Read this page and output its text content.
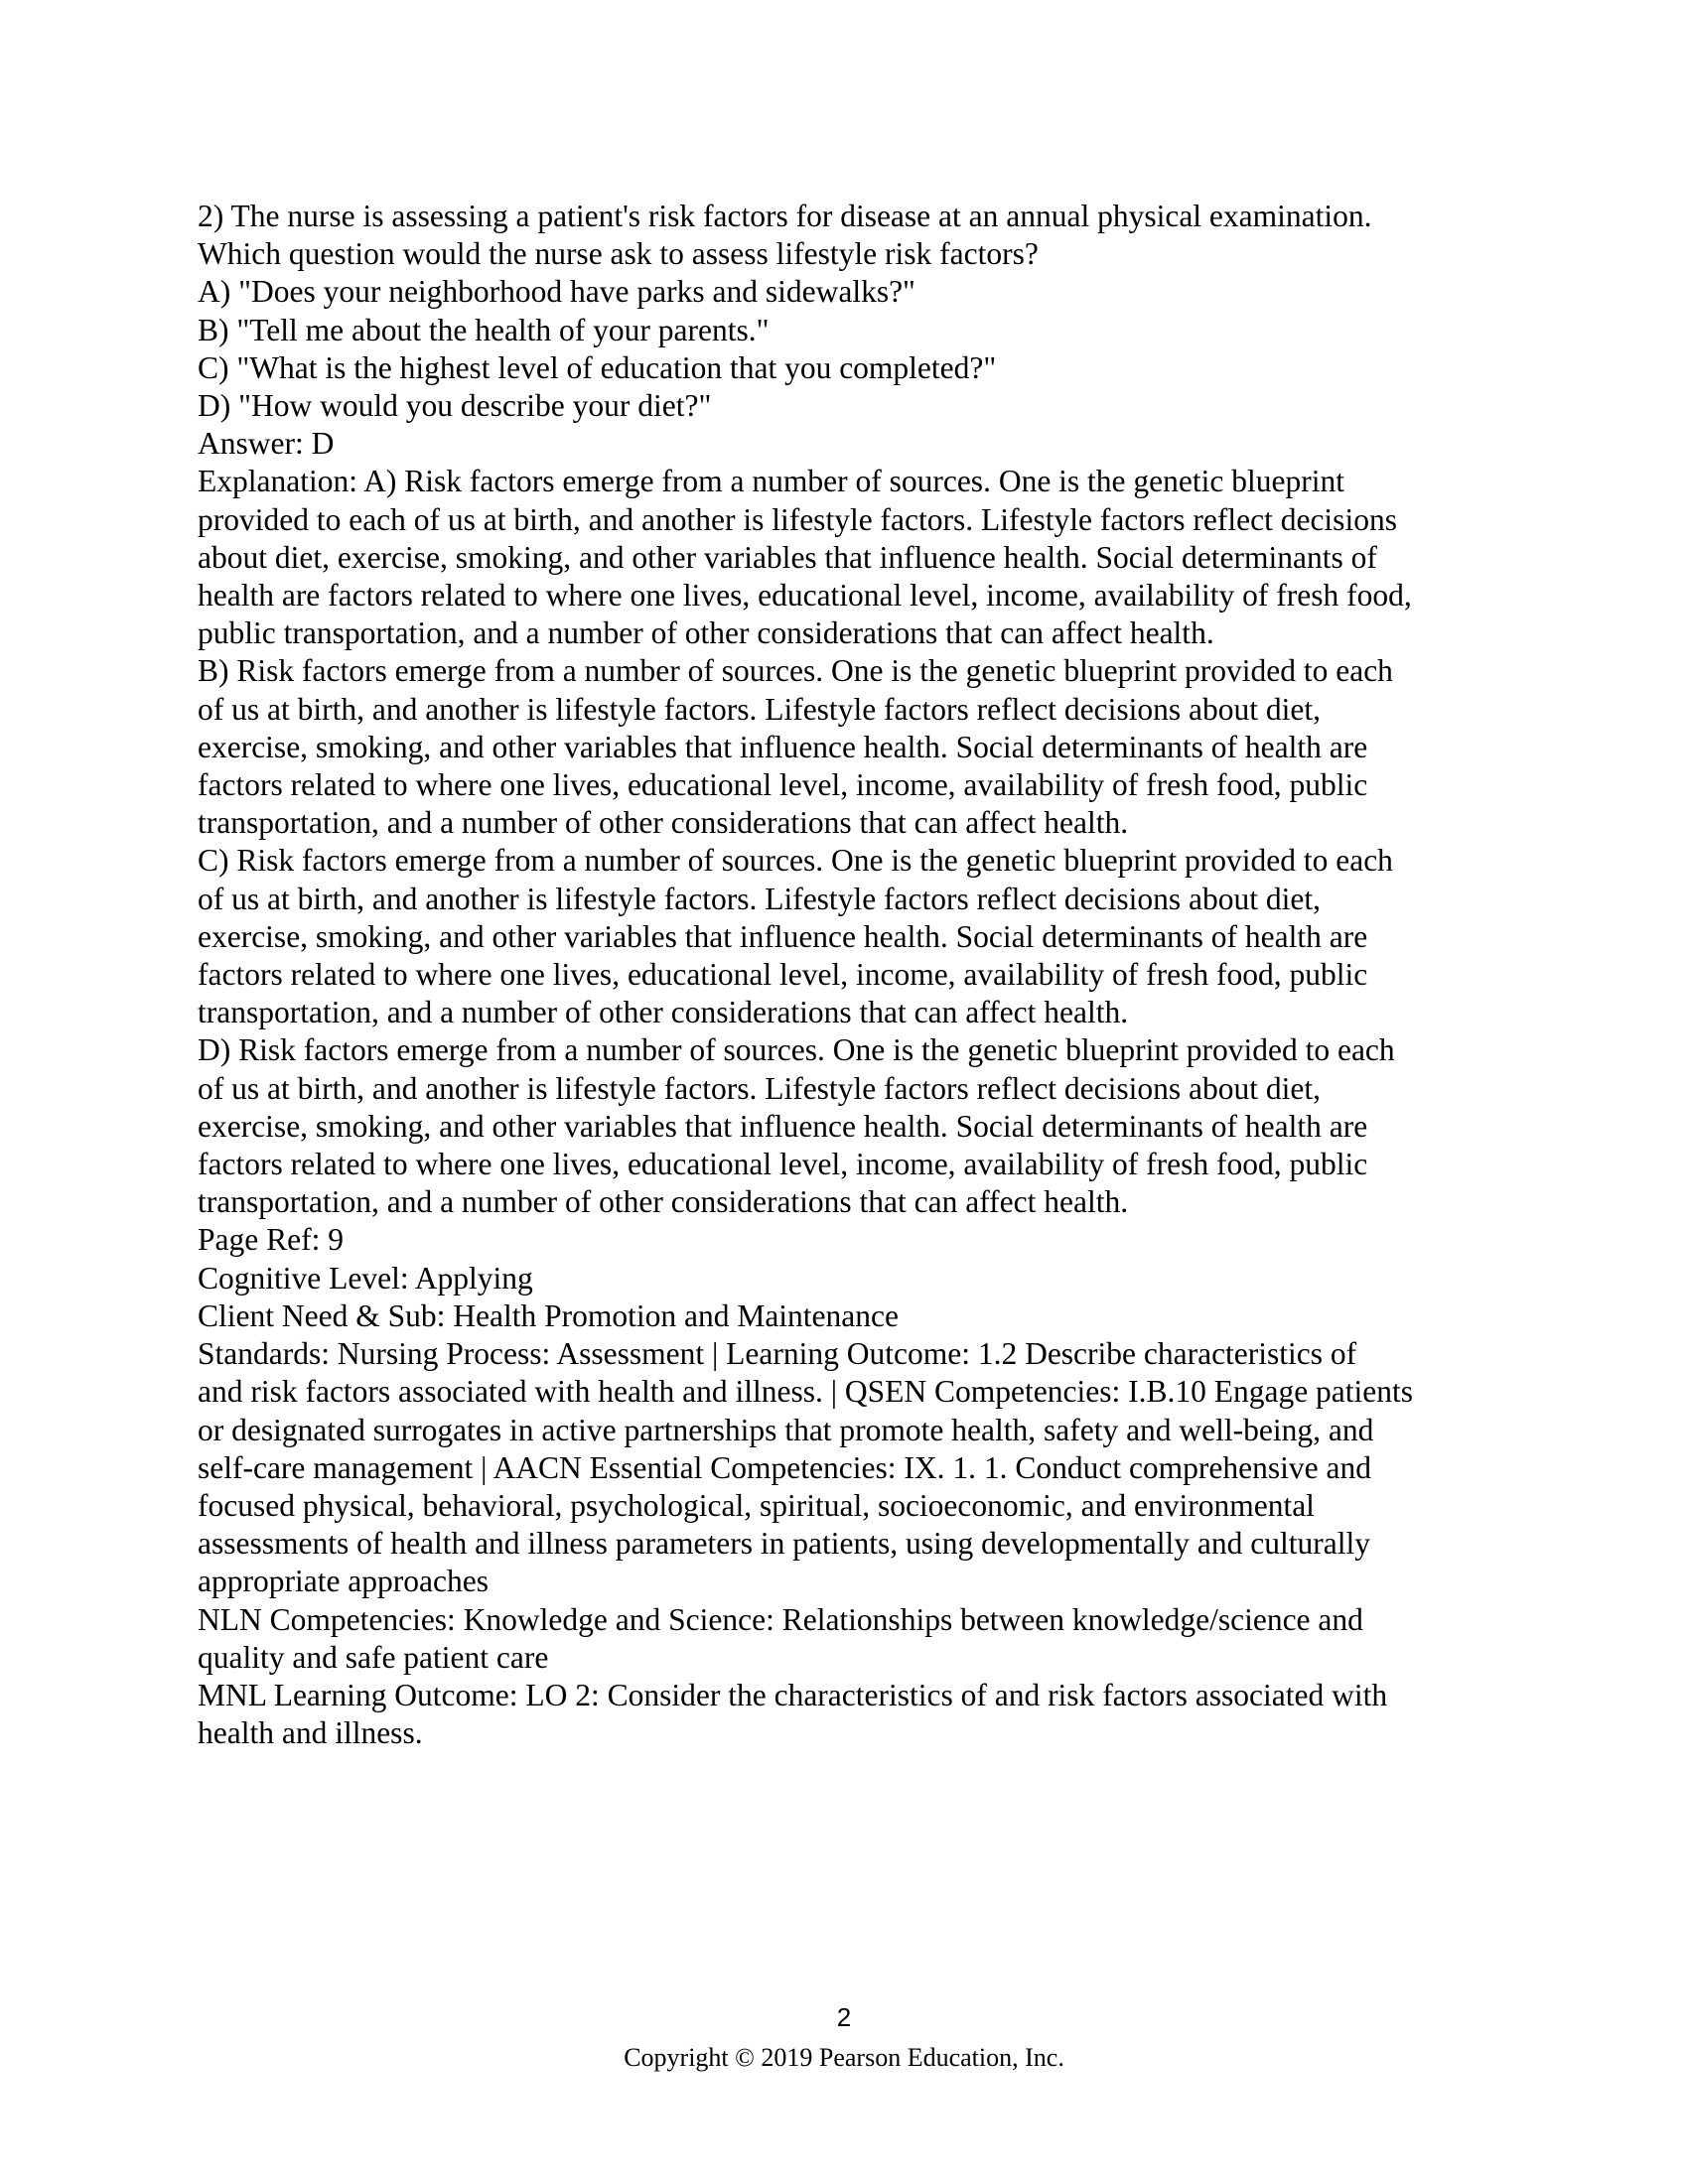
2) The nurse is assessing a patient's risk factors for disease at an annual physical examination.

Which question would the nurse ask to assess lifestyle risk factors?

A) "Does your neighborhood have parks and sidewalks?"

B) "Tell me about the health of your parents."

C) "What is the highest level of education that you completed?"

D) "How would you describe your diet?"

Answer: D

Explanation: A) Risk factors emerge from a number of sources. One is the genetic blueprint

provided to each of us at birth, and another is lifestyle factors. Lifestyle factors reflect decisions

about diet, exercise, smoking, and other variables that influence health. Social determinants of

health are factors related to where one lives, educational level, income, availability of fresh food,

public transportation, and a number of other considerations that can affect health.

B) Risk factors emerge from a number of sources. One is the genetic blueprint provided to each

of us at birth, and another is lifestyle factors. Lifestyle factors reflect decisions about diet,

exercise, smoking, and other variables that influence health. Social determinants of health are

factors related to where one lives, educational level, income, availability of fresh food, public

transportation, and a number of other considerations that can affect health.

C) Risk factors emerge from a number of sources. One is the genetic blueprint provided to each

of us at birth, and another is lifestyle factors. Lifestyle factors reflect decisions about diet,

exercise, smoking, and other variables that influence health. Social determinants of health are

factors related to where one lives, educational level, income, availability of fresh food, public

transportation, and a number of other considerations that can affect health.

D) Risk factors emerge from a number of sources. One is the genetic blueprint provided to each

of us at birth, and another is lifestyle factors. Lifestyle factors reflect decisions about diet,

exercise, smoking, and other variables that influence health. Social determinants of health are

factors related to where one lives, educational level, income, availability of fresh food, public

transportation, and a number of other considerations that can affect health.

Page Ref: 9

Cognitive Level: Applying

Client Need & Sub: Health Promotion and Maintenance

Standards: Nursing Process: Assessment | Learning Outcome: 1.2 Describe characteristics of

and risk factors associated with health and illness. | QSEN Competencies: I.B.10 Engage patients

or designated surrogates in active partnerships that promote health, safety and well-being, and

self-care management | AACN Essential Competencies: IX. 1. 1. Conduct comprehensive and

focused physical, behavioral, psychological, spiritual, socioeconomic, and environmental

assessments of health and illness parameters in patients, using developmentally and culturally

appropriate approaches

NLN Competencies: Knowledge and Science: Relationships between knowledge/science and

quality and safe patient care

MNL Learning Outcome: LO 2: Consider the characteristics of and risk factors associated with

health and illness.

2
Copyright © 2019 Pearson Education, Inc.
